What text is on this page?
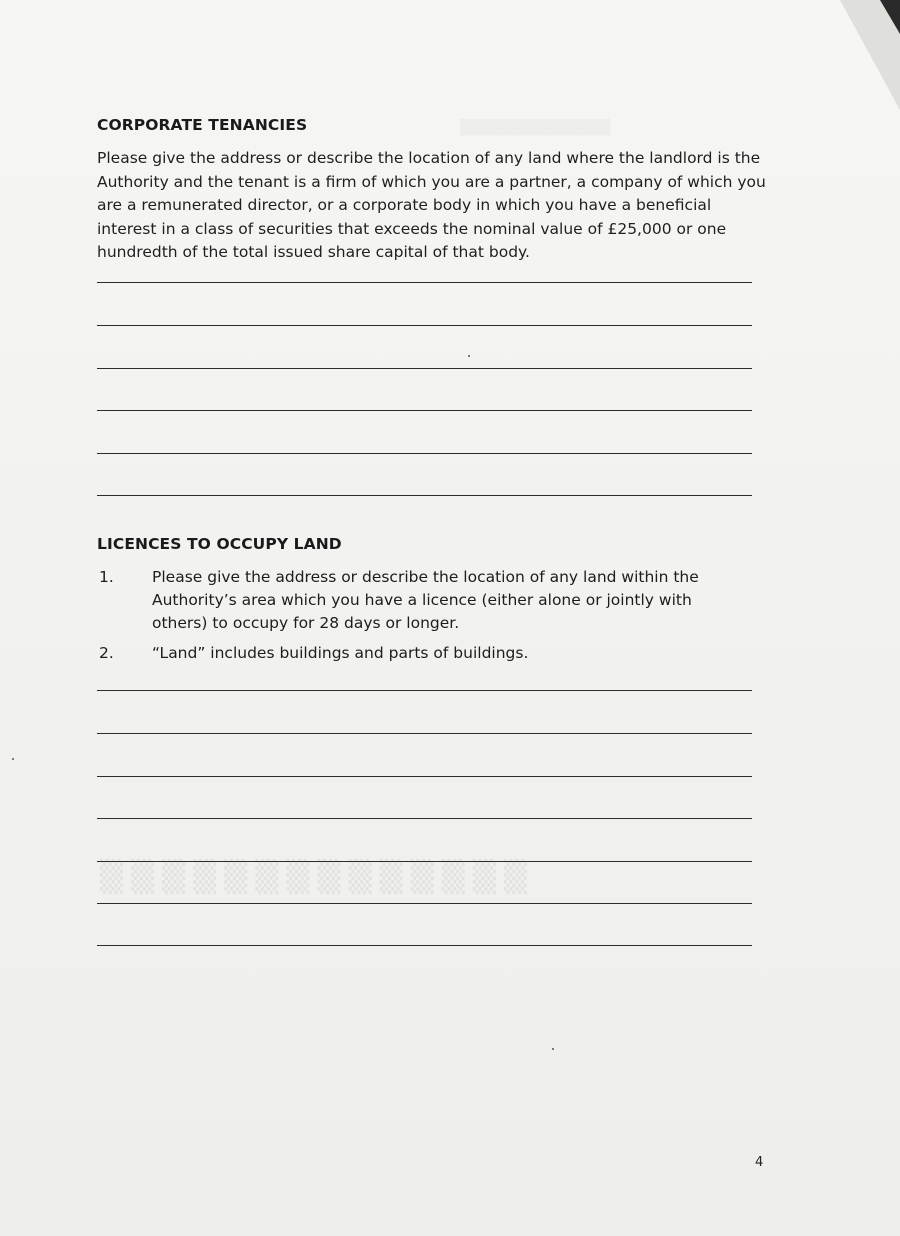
▒▒▒▒▒▒▒▒▒▒▒▒▒▒
▒▒▒▒▒▒▒▒▒▒▒▒▒▒
CORPORATE TENANCIES

Please give the address or describe the location of any land where the landlord is the Authority and the tenant is a firm of which you are a partner, a company of which you are a remunerated director, or a corporate body in which you have a beneficial interest in a class of securities that exceeds the nominal value of £25,000 or one hundredth of the total issued share capital of that body.

LICENCES TO OCCUPY LAND
1. Please give the address or describe the location of any land within the Authority’s area which you have a licence (either alone or jointly with others) to occupy for 28 days or longer.
2. “Land” includes buildings and parts of buildings.
4
